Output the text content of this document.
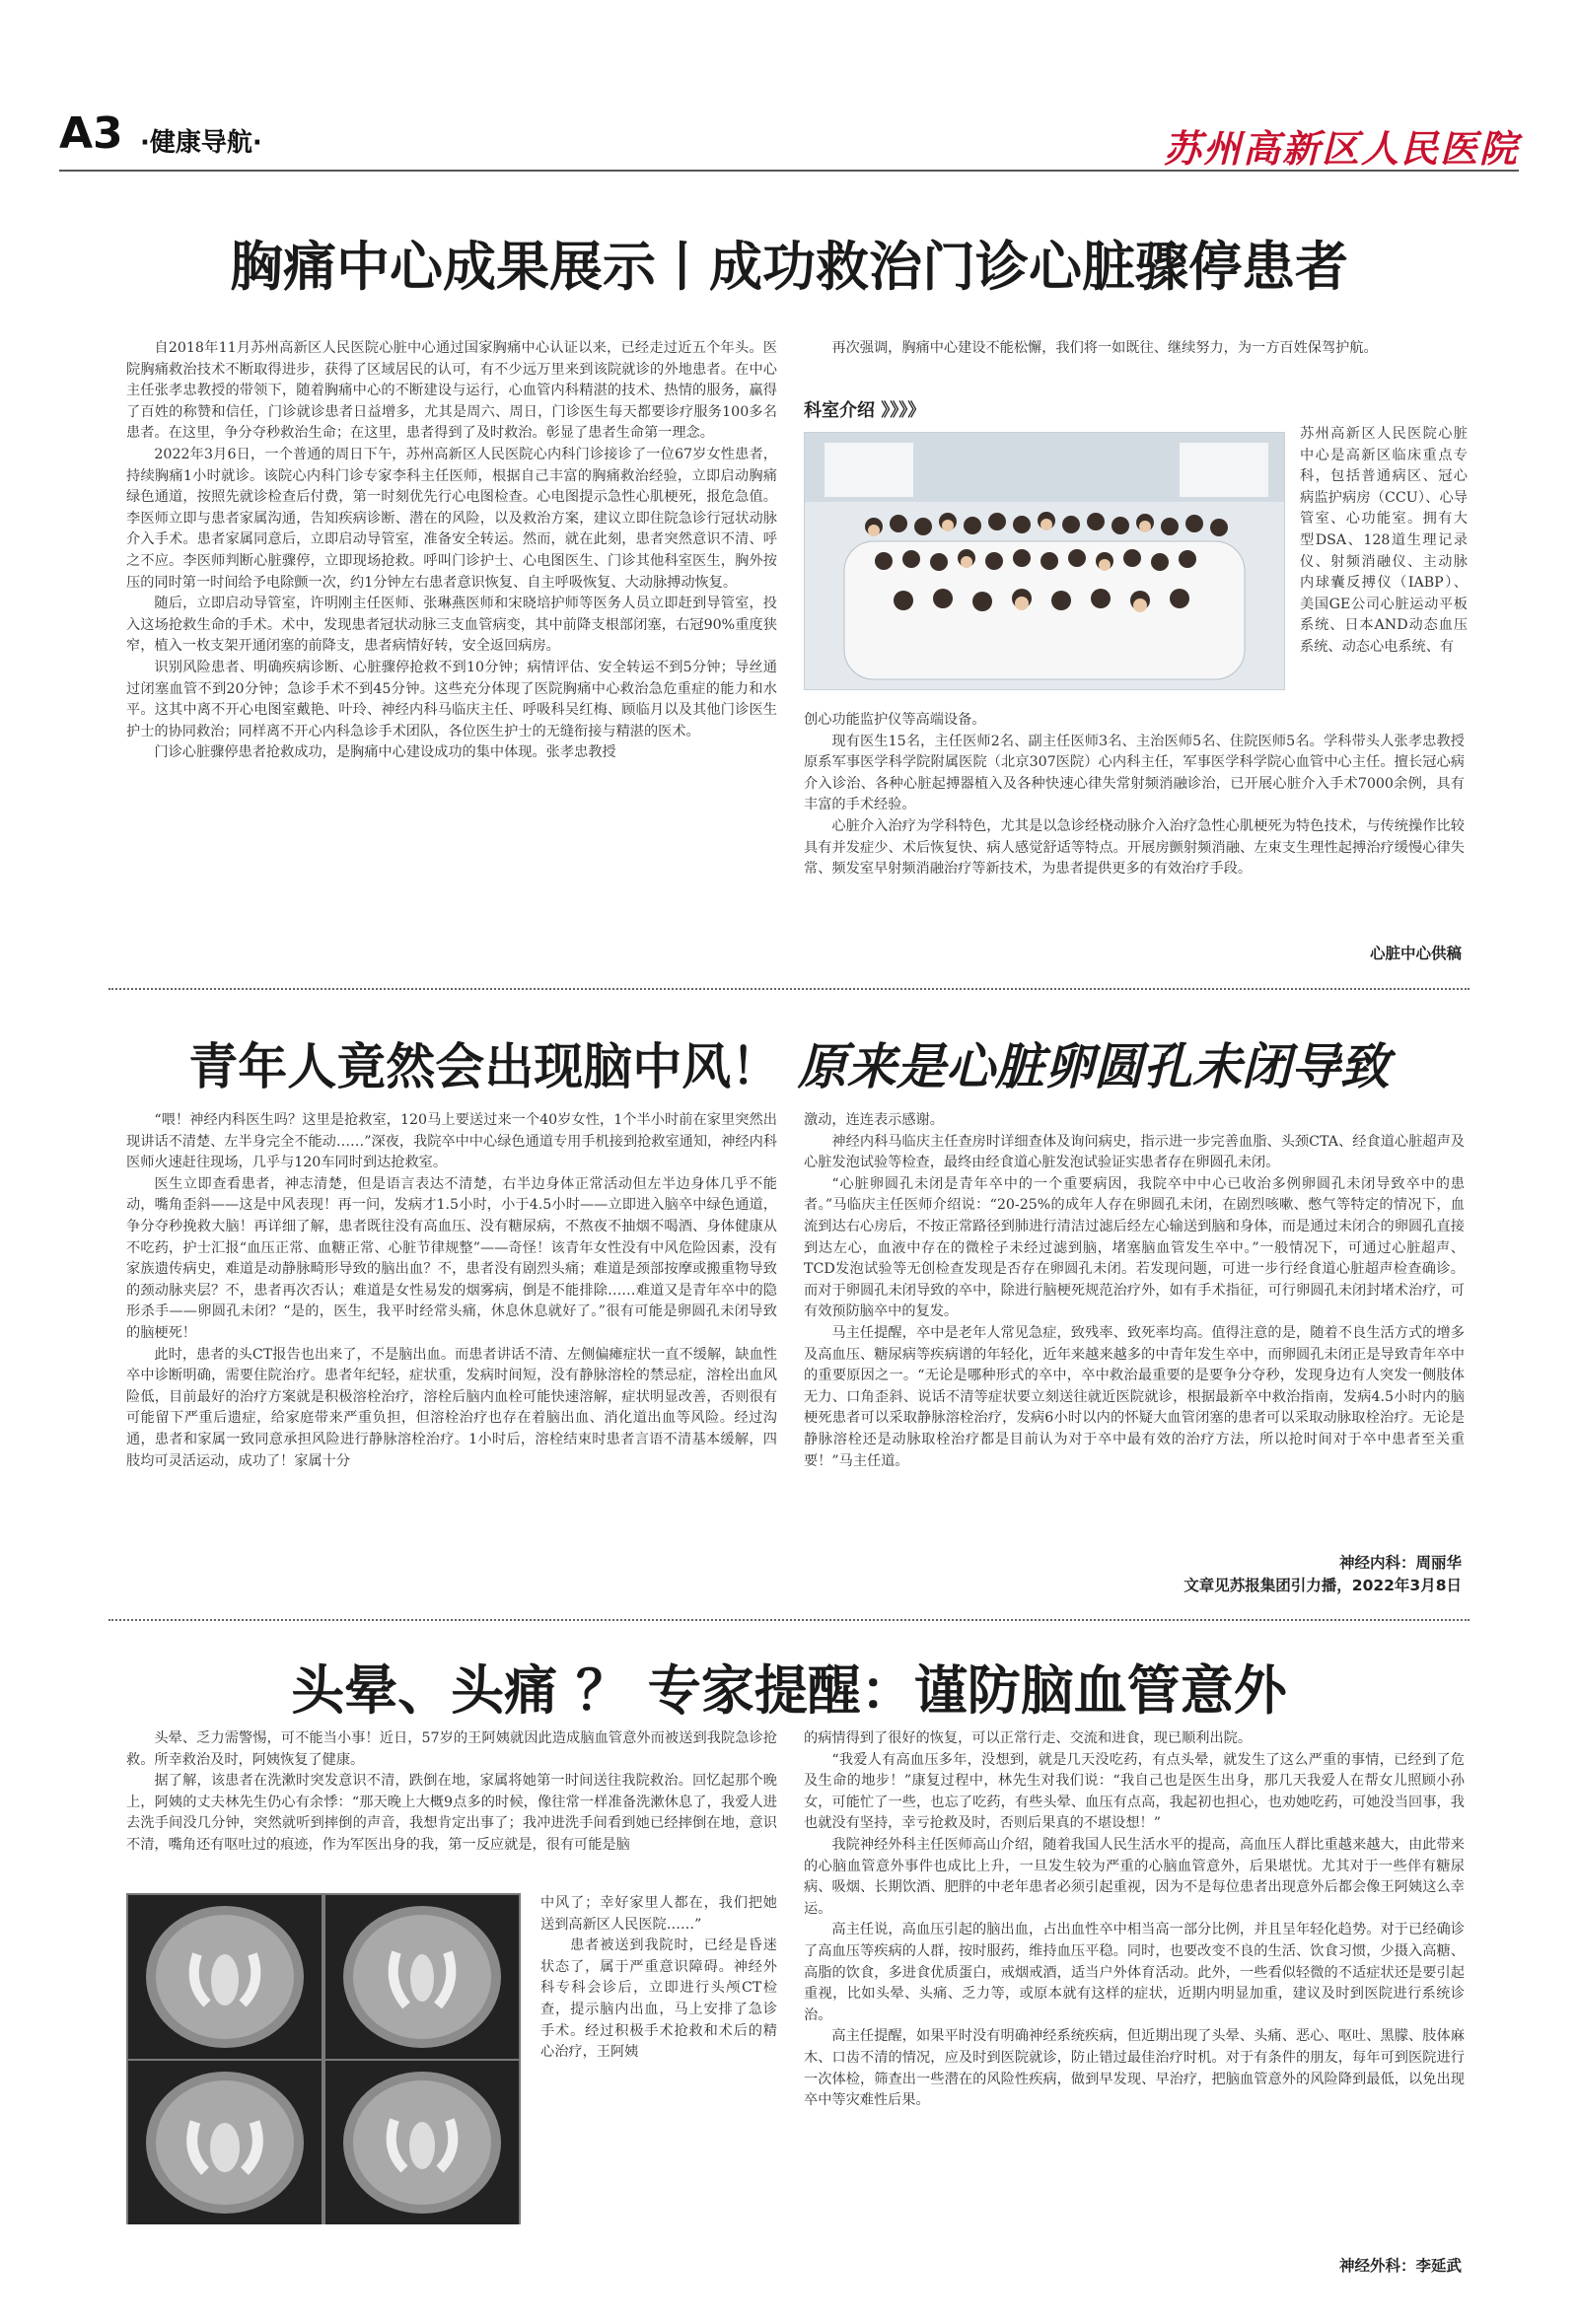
A3 ·健康导航·	苏州高新区人民医院
胸痛中心成果展示丨成功救治门诊心脏骤停患者

自2018年11月苏州高新区人民医院心脏中心通过国家胸痛中心认证以来，已经走过近五个年头。医院胸痛救治技术不断取得进步，获得了区域居民的认可，有不少远万里来到该院就诊的外地患者。在中心主任张孝忠教授的带领下，随着胸痛中心的不断建设与运行，心血管内科精湛的技术、热情的服务，赢得了百姓的称赞和信任，门诊就诊患者日益增多，尤其是周六、周日，门诊医生每天都要诊疗服务100多名患者。在这里，争分夺秒救治生命；在这里，患者得到了及时救治。彰显了患者生命第一理念。

2022年3月6日，一个普通的周日下午，苏州高新区人民医院心内科门诊接诊了一位67岁女性患者，持续胸痛1小时就诊。该院心内科门诊专家李科主任医师，根据自己丰富的胸痛救治经验，立即启动胸痛绿色通道，按照先就诊检查后付费，第一时刻优先行心电图检查。心电图提示急性心肌梗死，报危急值。李医师立即与患者家属沟通，告知疾病诊断、潜在的风险，以及救治方案，建议立即住院急诊行冠状动脉介入手术。患者家属同意后，立即启动导管室，准备安全转运。然而，就在此刻，患者突然意识不清、呼之不应。李医师判断心脏骤停，立即现场抢救。呼叫门诊护士、心电图医生、门诊其他科室医生，胸外按压的同时第一时间给予电除颤一次，约1分钟左右患者意识恢复、自主呼吸恢复、大动脉搏动恢复。

随后，立即启动导管室，许明刚主任医师、张琳燕医师和宋晓培护师等医务人员立即赶到导管室，投入这场抢救生命的手术。术中，发现患者冠状动脉三支血管病变，其中前降支根部闭塞，右冠90%重度狭窄，植入一枚支架开通闭塞的前降支，患者病情好转，安全返回病房。

识别风险患者、明确疾病诊断、心脏骤停抢救不到10分钟；病情评估、安全转运不到5分钟；导丝通过闭塞血管不到20分钟；急诊手术不到45分钟。这些充分体现了医院胸痛中心救治急危重症的能力和水平。这其中离不开心电图室戴艳、叶玲、神经内科马临庆主任、呼吸科吴红梅、顾临月以及其他门诊医生护士的协同救治；同样离不开心内科急诊手术团队，各位医生护士的无缝衔接与精湛的医术。

门诊心脏骤停患者抢救成功，是胸痛中心建设成功的集中体现。张孝忠教授

再次强调，胸痛中心建设不能松懈，我们将一如既往、继续努力，为一方百姓保驾护航。

科室介绍 》》》》
苏州高新区人民医院心脏中心是高新区临床重点专科，包括普通病区、冠心病监护病房（CCU）、心导管室、心功能室。拥有大型DSA、128道生理记录仪、射频消融仪、主动脉内球囊反搏仪（IABP）、美国GE公司心脏运动平板系统、日本AND动态血压系统、动态心电系统、有

创心功能监护仪等高端设备。

现有医生15名，主任医师2名、副主任医师3名、主治医师5名、住院医师5名。学科带头人张孝忠教授原系军事医学科学院附属医院（北京307医院）心内科主任，军事医学科学院心血管中心主任。擅长冠心病介入诊治、各种心脏起搏器植入及各种快速心律失常射频消融诊治，已开展心脏介入手术7000余例，具有丰富的手术经验。

心脏介入治疗为学科特色，尤其是以急诊经桡动脉介入治疗急性心肌梗死为特色技术，与传统操作比较具有并发症少、术后恢复快、病人感觉舒适等特点。开展房颤射频消融、左束支生理性起搏治疗缓慢心律失常、频发室早射频消融治疗等新技术，为患者提供更多的有效治疗手段。

心脏中心供稿
青年人竟然会出现脑中风！ 原来是心脏卵圆孔未闭导致

“喂！神经内科医生吗？这里是抢救室，120马上要送过来一个40岁女性，1个半小时前在家里突然出现讲话不清楚、左半身完全不能动……”深夜，我院卒中中心绿色通道专用手机接到抢救室通知，神经内科医师火速赶往现场，几乎与120车同时到达抢救室。

医生立即查看患者，神志清楚，但是语言表达不清楚，右半边身体正常活动但左半边身体几乎不能动，嘴角歪斜——这是中风表现！再一问，发病才1.5小时，小于4.5小时——立即进入脑卒中绿色通道，争分夺秒挽救大脑！再详细了解，患者既往没有高血压、没有糖尿病，不熬夜不抽烟不喝酒、身体健康从不吃药，护士汇报“血压正常、血糖正常、心脏节律规整”——奇怪！该青年女性没有中风危险因素，没有家族遗传病史，难道是动静脉畸形导致的脑出血？不，患者没有剧烈头痛；难道是颈部按摩或搬重物导致的颈动脉夹层？不，患者再次否认；难道是女性易发的烟雾病，倒是不能排除……难道又是青年卒中的隐形杀手——卵圆孔未闭？“是的，医生，我平时经常头痛，休息休息就好了。”很有可能是卵圆孔未闭导致的脑梗死！

此时，患者的头CT报告也出来了，不是脑出血。而患者讲话不清、左侧偏瘫症状一直不缓解，缺血性卒中诊断明确，需要住院治疗。患者年纪轻，症状重，发病时间短，没有静脉溶栓的禁忌症，溶栓出血风险低，目前最好的治疗方案就是积极溶栓治疗，溶栓后脑内血栓可能快速溶解，症状明显改善，否则很有可能留下严重后遗症，给家庭带来严重负担，但溶栓治疗也存在着脑出血、消化道出血等风险。经过沟通，患者和家属一致同意承担风险进行静脉溶栓治疗。1小时后，溶栓结束时患者言语不清基本缓解，四肢均可灵活运动，成功了！家属十分

激动，连连表示感谢。

神经内科马临庆主任查房时详细查体及询问病史，指示进一步完善血脂、头颈CTA、经食道心脏超声及心脏发泡试验等检查，最终由经食道心脏发泡试验证实患者存在卵圆孔未闭。

“心脏卵圆孔未闭是青年卒中的一个重要病因，我院卒中中心已收治多例卵圆孔未闭导致卒中的患者。”马临庆主任医师介绍说：“20-25%的成年人存在卵圆孔未闭，在剧烈咳嗽、憋气等特定的情况下，血流到达右心房后，不按正常路径到肺进行清洁过滤后经左心输送到脑和身体，而是通过未闭合的卵圆孔直接到达左心，血液中存在的微栓子未经过滤到脑，堵塞脑血管发生卒中。”一般情况下，可通过心脏超声、TCD发泡试验等无创检查发现是否存在卵圆孔未闭。若发现问题，可进一步行经食道心脏超声检查确诊。而对于卵圆孔未闭导致的卒中，除进行脑梗死规范治疗外，如有手术指征，可行卵圆孔未闭封堵术治疗，可有效预防脑卒中的复发。

马主任提醒，卒中是老年人常见急症，致残率、致死率均高。值得注意的是，随着不良生活方式的增多及高血压、糖尿病等疾病谱的年轻化，近年来越来越多的中青年发生卒中，而卵圆孔未闭正是导致青年卒中的重要原因之一。“无论是哪种形式的卒中，卒中救治最重要的是要争分夺秒，发现身边有人突发一侧肢体无力、口角歪斜、说话不清等症状要立刻送往就近医院就诊，根据最新卒中救治指南，发病4.5小时内的脑梗死患者可以采取静脉溶栓治疗，发病6小时以内的怀疑大血管闭塞的患者可以采取动脉取栓治疗。无论是静脉溶栓还是动脉取栓治疗都是目前认为对于卒中最有效的治疗方法，所以抢时间对于卒中患者至关重要！”马主任道。

神经内科：周丽华
文章见苏报集团引力播，2022年3月8日
头晕、头痛 ？ 专家提醒：谨防脑血管意外

头晕、乏力需警惕，可不能当小事！近日，57岁的王阿姨就因此造成脑血管意外而被送到我院急诊抢救。所幸救治及时，阿姨恢复了健康。

据了解，该患者在洗漱时突发意识不清，跌倒在地，家属将她第一时间送往我院救治。回忆起那个晚上，阿姨的丈夫林先生仍心有余悸：“那天晚上大概9点多的时候，像往常一样准备洗漱休息了，我爱人进去洗手间没几分钟，突然就听到摔倒的声音，我想肯定出事了；我冲进洗手间看到她已经摔倒在地，意识不清，嘴角还有呕吐过的痕迹，作为军医出身的我，第一反应就是，很有可能是脑

中风了；幸好家里人都在，我们把她送到高新区人民医院……”
　　患者被送到我院时，已经是昏迷状态了，属于严重意识障碍。神经外科专科会诊后，立即进行头颅CT检查，提示脑内出血，马上安排了急诊手术。经过积极手术抢救和术后的精心治疗，王阿姨

的病情得到了很好的恢复，可以正常行走、交流和进食，现已顺利出院。

“我爱人有高血压多年，没想到，就是几天没吃药，有点头晕，就发生了这么严重的事情，已经到了危及生命的地步！”康复过程中，林先生对我们说：“我自己也是医生出身，那几天我爱人在帮女儿照顾小孙女，可能忙了一些，也忘了吃药，有些头晕、血压有点高，我起初也担心，也劝她吃药，可她没当回事，我也就没有坚持，幸亏抢救及时，否则后果真的不堪设想！”

我院神经外科主任医师高山介绍，随着我国人民生活水平的提高，高血压人群比重越来越大，由此带来的心脑血管意外事件也成比上升，一旦发生较为严重的心脑血管意外，后果堪忧。尤其对于一些伴有糖尿病、吸烟、长期饮酒、肥胖的中老年患者必须引起重视，因为不是每位患者出现意外后都会像王阿姨这么幸运。

高主任说，高血压引起的脑出血，占出血性卒中相当高一部分比例，并且呈年轻化趋势。对于已经确诊了高血压等疾病的人群，按时服药，维持血压平稳。同时，也要改变不良的生活、饮食习惯，少摄入高糖、高脂的饮食，多进食优质蛋白，戒烟戒酒，适当户外体育活动。此外，一些看似轻微的不适症状还是要引起重视，比如头晕、头痛、乏力等，或原本就有这样的症状，近期内明显加重，建议及时到医院进行系统诊治。

高主任提醒，如果平时没有明确神经系统疾病，但近期出现了头晕、头痛、恶心、呕吐、黑朦、肢体麻木、口齿不清的情况，应及时到医院就诊，防止错过最佳治疗时机。对于有条件的朋友，每年可到医院进行一次体检，筛查出一些潜在的风险性疾病，做到早发现、早治疗，把脑血管意外的风险降到最低，以免出现卒中等灾难性后果。

神经外科：李延武
